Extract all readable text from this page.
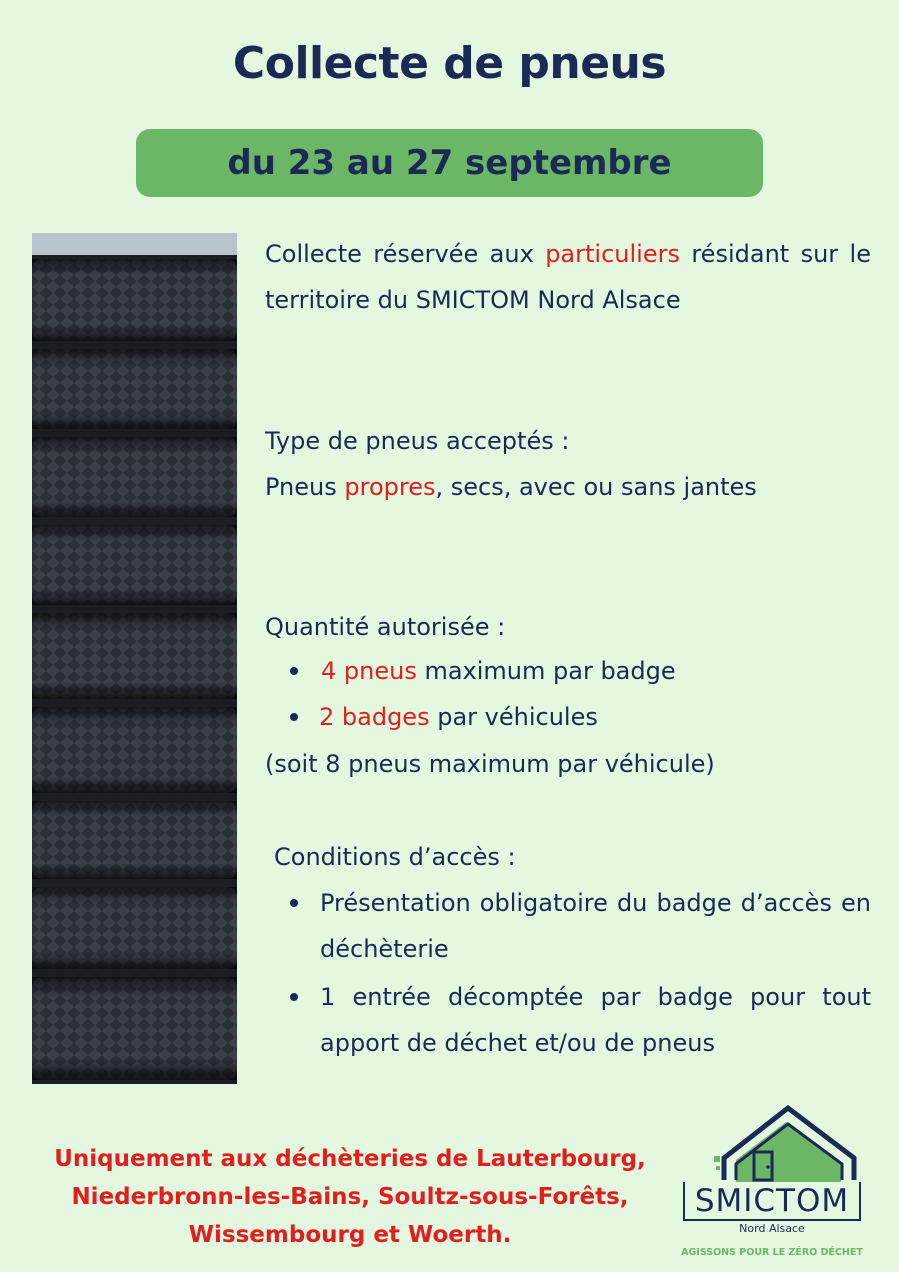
Collecte de pneus
du 23 au 27 septembre
Collecte réservée aux particuliers résidant sur le territoire du SMICTOM Nord Alsace
Type de pneus acceptés :
Pneus propres, secs, avec ou sans jantes
Quantité autorisée :
4 pneus maximum par badge
2 badges par véhicules
(soit 8 pneus maximum par véhicule)
Conditions d’accès :
Présentation obligatoire du badge d’accès en déchèterie
1 entrée décomptée par badge pour tout apport de déchet et/ou de pneus
Uniquement aux déchèteries de Lauterbourg, Niederbronn-les-Bains, Soultz-sous-Forêts, Wissembourg et Woerth.
SMICTOM
Nord Alsace
AGISSONS POUR LE ZÉRO DÉCHET
